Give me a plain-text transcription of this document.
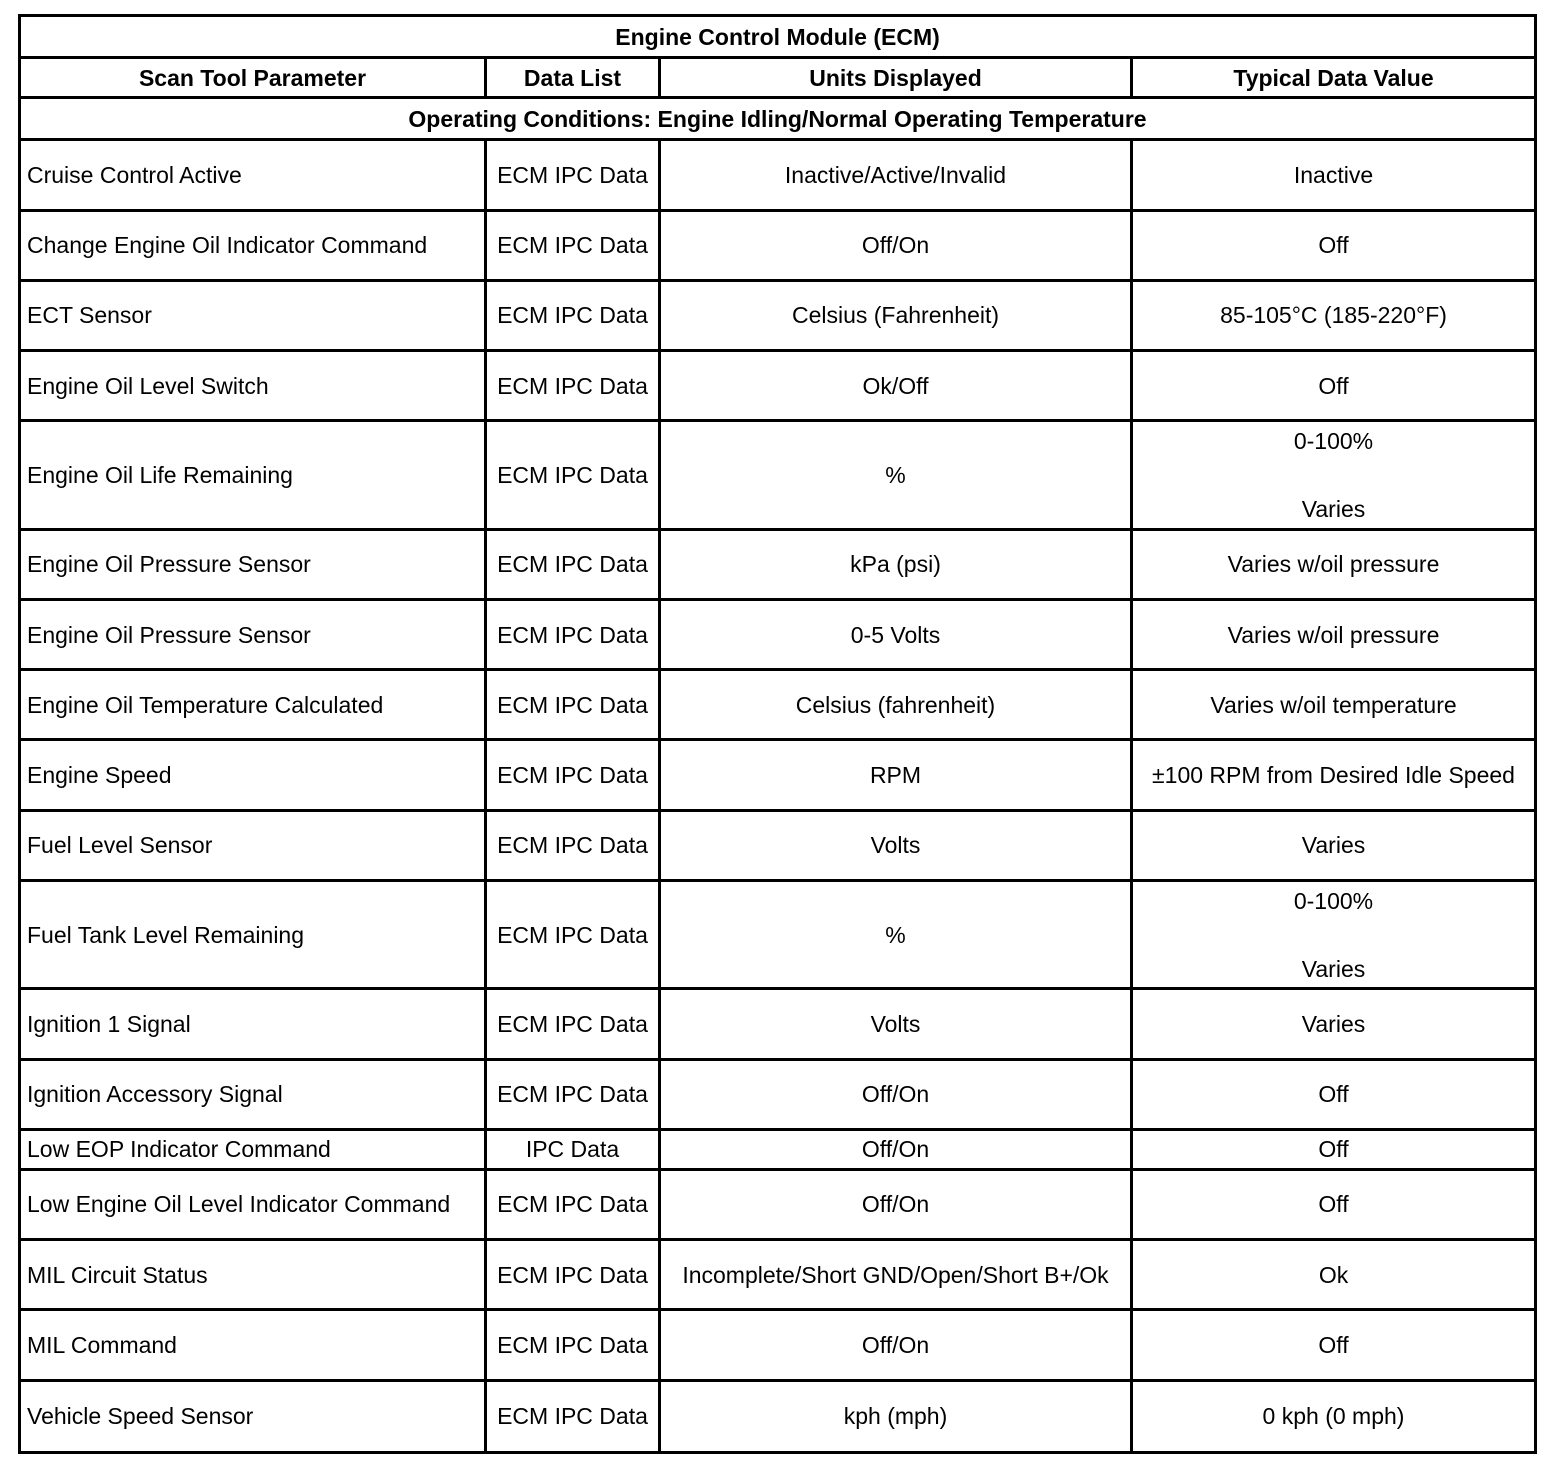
Engine Control Module (ECM)			
Scan Tool Parameter	Data List	Units Displayed	Typical Data Value
Operating Conditions: Engine Idling/Normal Operating Temperature			
Cruise Control Active	ECM IPC Data	Inactive/Active/Invalid	Inactive
Change Engine Oil Indicator Command	ECM IPC Data	Off/On	Off
ECT Sensor	ECM IPC Data	Celsius (Fahrenheit)	85-105°C (185-220°F)
Engine Oil Level Switch	ECM IPC Data	Ok/Off	Off
Engine Oil Life Remaining	ECM IPC Data	%	0-100%
Varies

Engine Oil Pressure Sensor	ECM IPC Data	kPa (psi)	Varies w/oil pressure
Engine Oil Pressure Sensor	ECM IPC Data	0-5 Volts	Varies w/oil pressure
Engine Oil Temperature Calculated	ECM IPC Data	Celsius (fahrenheit)	Varies w/oil temperature
Engine Speed	ECM IPC Data	RPM	±100 RPM from Desired Idle Speed
Fuel Level Sensor	ECM IPC Data	Volts	Varies
Fuel Tank Level Remaining	ECM IPC Data	%	0-100%
Varies

Ignition 1 Signal	ECM IPC Data	Volts	Varies
Ignition Accessory Signal	ECM IPC Data	Off/On	Off
Low EOP Indicator Command	IPC Data	Off/On	Off
Low Engine Oil Level Indicator Command	ECM IPC Data	Off/On	Off
MIL Circuit Status	ECM IPC Data	Incomplete/Short GND/Open/Short B+/Ok	Ok
MIL Command	ECM IPC Data	Off/On	Off
Vehicle Speed Sensor	ECM IPC Data	kph (mph)	0 kph (0 mph)
